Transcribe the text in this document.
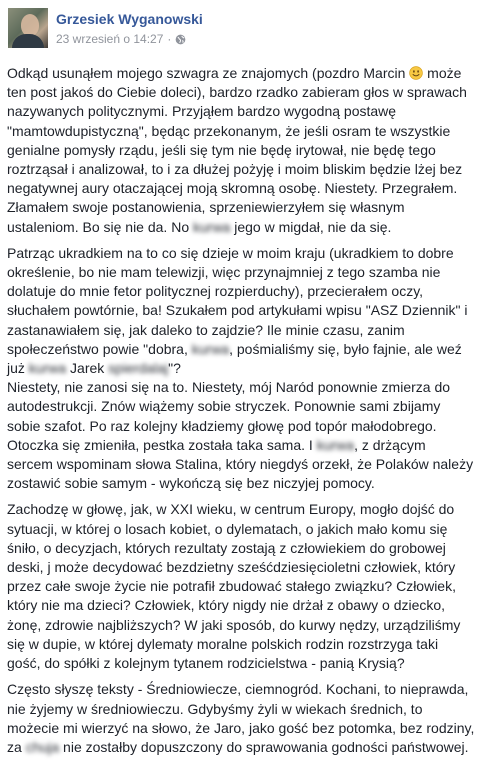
Grzesiek Wyganowski
23 wrzesień o 14:27 ·

Odkąd usunąłem mojego szwagra ze znajomych (pozdro Marcin  może
ten post jakoś do Ciebie doleci), bardzo rzadko zabieram głos w sprawach
nazywanych politycznymi. Przyjąłem bardzo wygodną postawę
"mamtowdupistyczną", będąc przekonanym, że jeśli osram te wszystkie
genialne pomysły rządu, jeśli się tym nie będę irytował, nie będę tego
roztrząsał i analizował, to i za dłużej pożyję i moim bliskim będzie lżej bez
negatywnej aury otaczającej moją skromną osobę. Niestety. Przegrałem.
Złamałem swoje postanowienia, sprzeniewierzyłem się własnym
ustaleniom. Bo się nie da. No kurwa jego w migdał, nie da się.

Patrząc ukradkiem na to co się dzieje w moim kraju (ukradkiem to dobre
określenie, bo nie mam telewizji, więc przynajmniej z tego szamba nie
dolatuje do mnie fetor politycznej rozpierduchy), przecierałem oczy,
słuchałem powtórnie, ba! Szukałem pod artykułami wpisu "ASZ Dziennik" i
zastanawiałem się, jak daleko to zajdzie? Ile minie czasu, zanim
społeczeństwo powie "dobra, kurwa, pośmialiśmy się, było fajnie, ale weź
już kurwa Jarek spierdalaj"?
Niestety, nie zanosi się na to. Niestety, mój Naród ponownie zmierza do
autodestrukcji. Znów wiążemy sobie stryczek. Ponownie sami zbijamy
sobie szafot. Po raz kolejny kładziemy głowę pod topór małodobrego.
Otoczka się zmieniła, pestka została taka sama. I kurwa, z drżącym
sercem wspominam słowa Stalina, który niegdyś orzekł, że Polaków należy
zostawić sobie samym - wykończą się bez niczyjej pomocy.

Zachodzę w głowę, jak, w XXI wieku, w centrum Europy, mogło dojść do
sytuacji, w której o losach kobiet, o dylematach, o jakich mało komu się
śniło, o decyzjach, których rezultaty zostają z człowiekiem do grobowej
deski, j może decydować bezdzietny sześćdziesięcioletni człowiek, który
przez całe swoje życie nie potrafił zbudować stałego związku? Człowiek,
który nie ma dzieci? Człowiek, który nigdy nie drżał z obawy o dziecko,
żonę, zdrowie najbliższych? W jaki sposób, do kurwy nędzy, urządziliśmy
się w dupie, w której dylematy moralne polskich rodzin rozstrzyga taki
gość, do spółki z kolejnym tytanem rodzicielstwa - panią Krysią?

Często słyszę teksty - Średniowiecze, ciemnogród. Kochani, to nieprawda,
nie żyjemy w średniowieczu. Gdybyśmy żyli w wiekach średnich, to
możecie mi wierzyć na słowo, że Jaro, jako gość bez potomka, bez rodziny,
za chuja nie zostałby dopuszczony do sprawowania godności państwowej.
